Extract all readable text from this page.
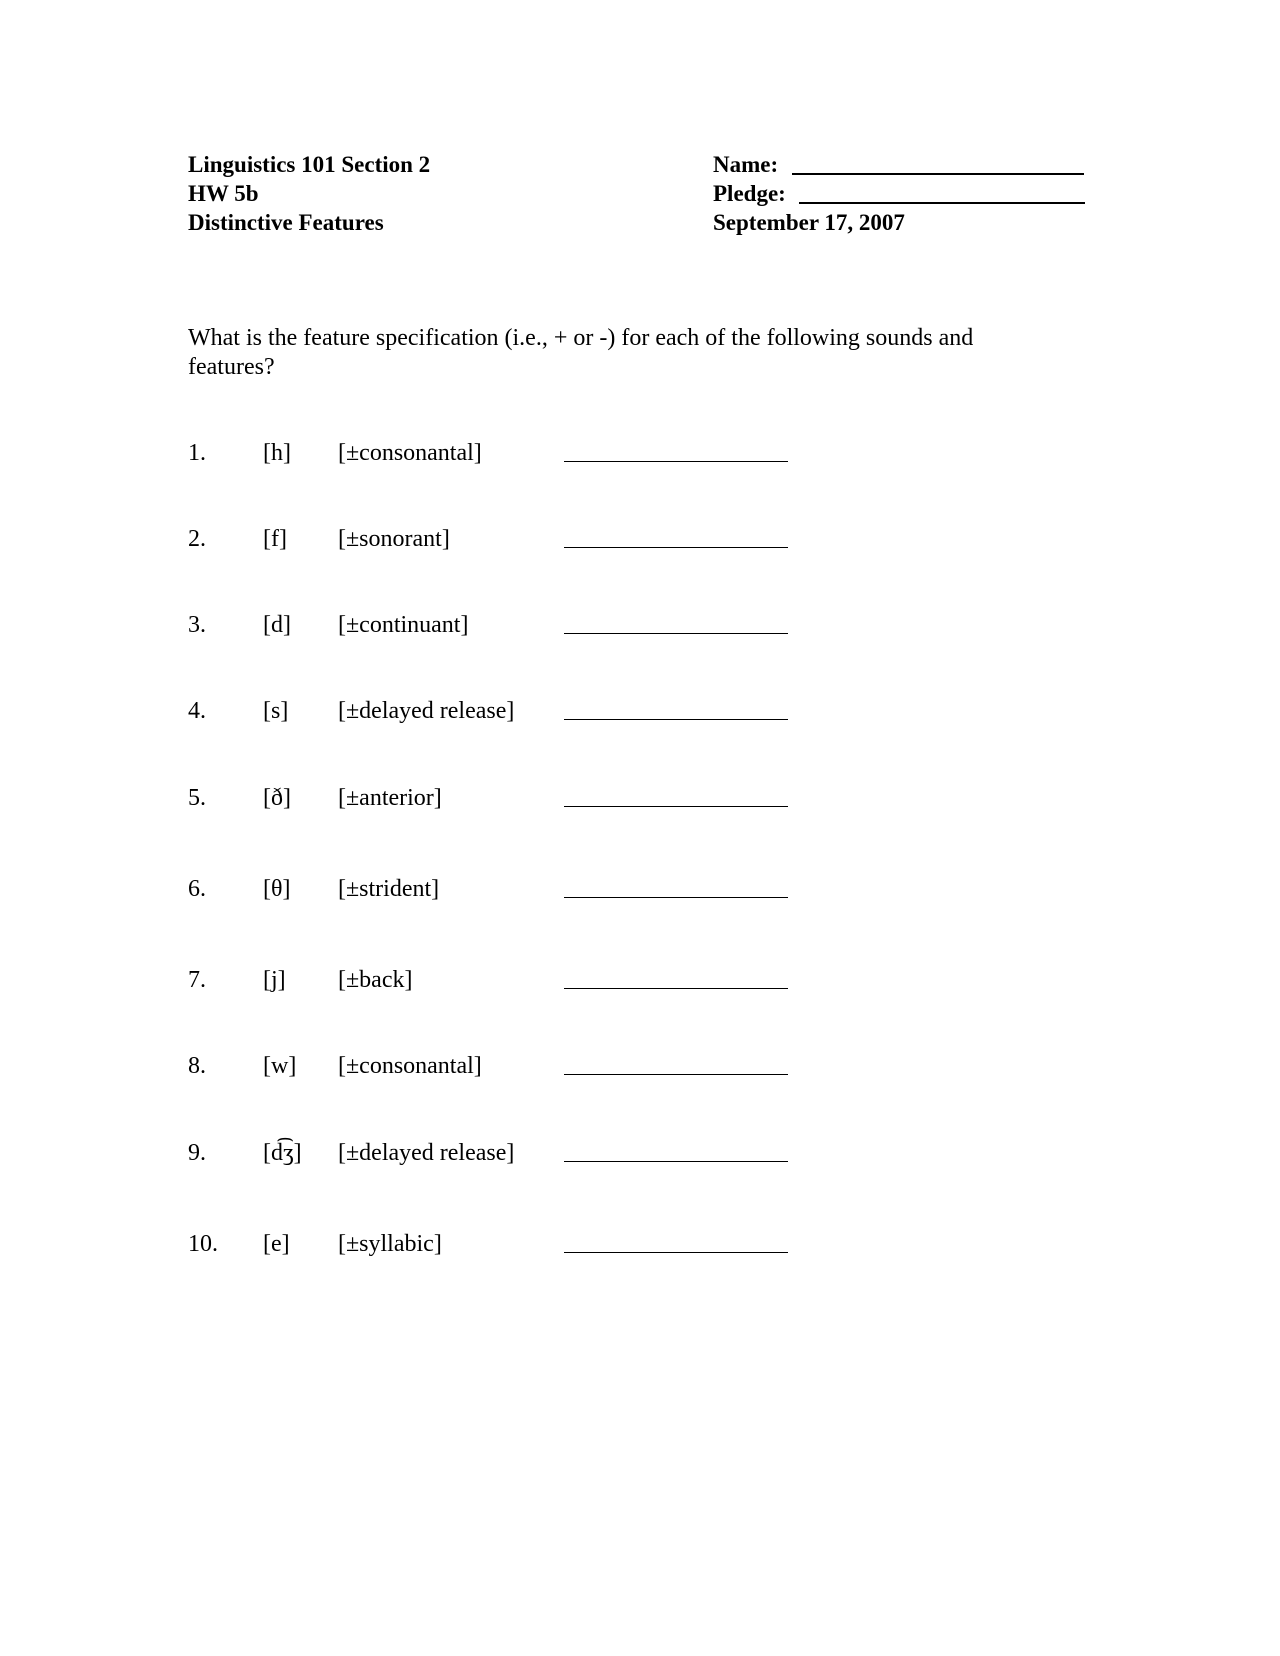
Linguistics 101 Section 2
HW 5b
Distinctive Features
Name:
Pledge:
September 17, 2007
What is the feature specification (i.e., + or -) for each of the following sounds and features?
1. [h] [±consonantal]
2. [f] [±sonorant]
3. [d] [±continuant]
4. [s] [±delayed release]
5. [ð] [±anterior]
6. [θ] [±strident]
7. [j] [±back]
8. [w] [±consonantal]
9. [d͡ʒ] [±delayed release]
10. [e] [±syllabic]
